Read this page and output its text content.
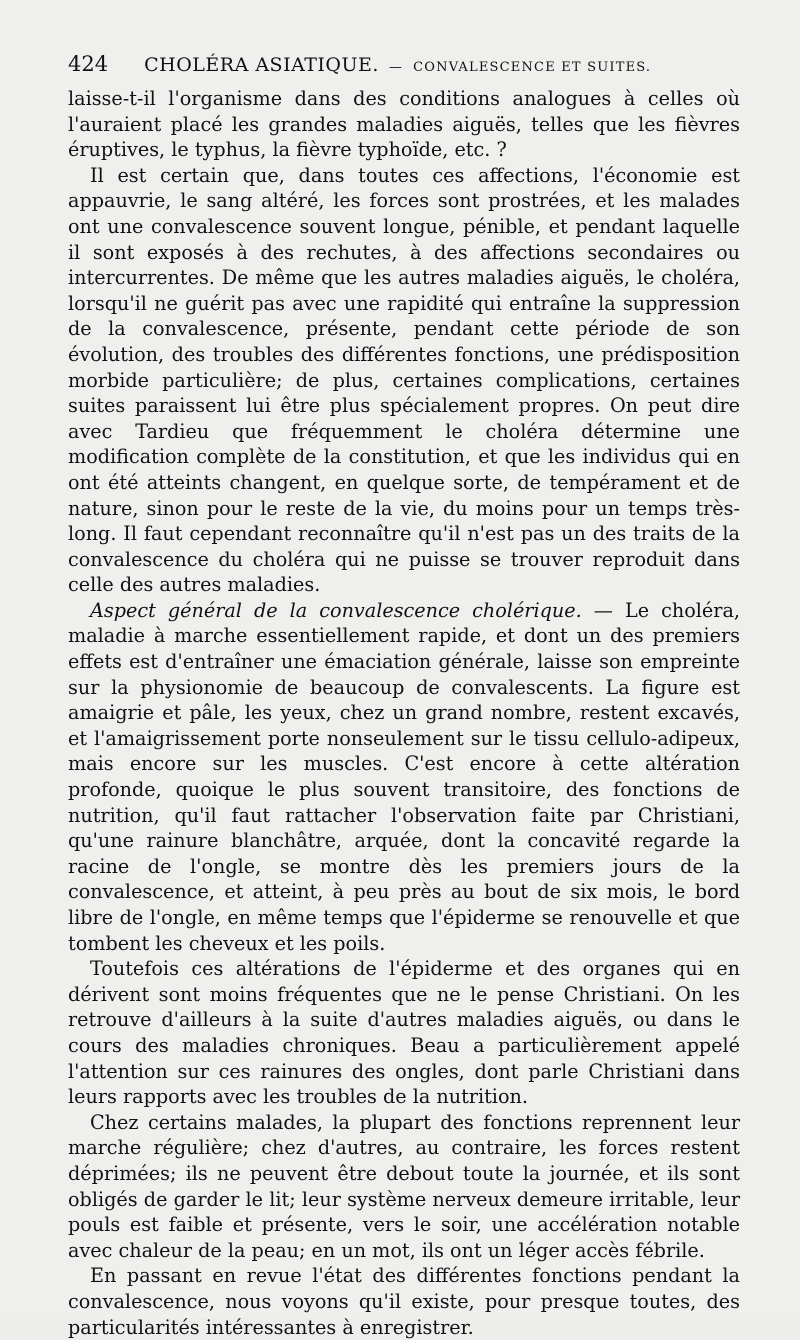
424 CHOLÉRA ASIATIQUE. — CONVALESCENCE ET SUITES.

laisse-t-il l'organisme dans des conditions analogues à celles où l'auraient placé les grandes maladies aiguës, telles que les fièvres éruptives, le typhus, la fièvre typhoïde, etc. ?

Il est certain que, dans toutes ces affections, l'économie est appauvrie, le sang altéré, les forces sont prostrées, et les malades ont une convalescence souvent longue, pénible, et pendant laquelle il sont exposés à des rechutes, à des affections secondaires ou intercurrentes. De même que les autres maladies aiguës, le choléra, lorsqu'il ne guérit pas avec une rapidité qui entraîne la suppression de la convalescence, présente, pendant cette période de son évolution, des troubles des différentes fonctions, une prédisposition morbide particulière; de plus, certaines complications, certaines suites paraissent lui être plus spécialement propres. On peut dire avec Tardieu que fréquemment le choléra détermine une modification complète de la constitution, et que les individus qui en ont été atteints changent, en quelque sorte, de tempérament et de nature, sinon pour le reste de la vie, du moins pour un temps très-long. Il faut cependant reconnaître qu'il n'est pas un des traits de la convalescence du choléra qui ne puisse se trouver reproduit dans celle des autres maladies.

Aspect général de la convalescence cholérique. — Le choléra, maladie à marche essentiellement rapide, et dont un des premiers effets est d'entraîner une émaciation générale, laisse son empreinte sur la physionomie de beaucoup de convalescents. La figure est amaigrie et pâle, les yeux, chez un grand nombre, restent excavés, et l'amaigrissement porte nonseulement sur le tissu cellulo-adipeux, mais encore sur les muscles. C'est encore à cette altération profonde, quoique le plus souvent transitoire, des fonctions de nutrition, qu'il faut rattacher l'observation faite par Christiani, qu'une rainure blanchâtre, arquée, dont la concavité regarde la racine de l'ongle, se montre dès les premiers jours de la convalescence, et atteint, à peu près au bout de six mois, le bord libre de l'ongle, en même temps que l'épiderme se renouvelle et que tombent les cheveux et les poils.

Toutefois ces altérations de l'épiderme et des organes qui en dérivent sont moins fréquentes que ne le pense Christiani. On les retrouve d'ailleurs à la suite d'autres maladies aiguës, ou dans le cours des maladies chroniques. Beau a particulièrement appelé l'attention sur ces rainures des ongles, dont parle Christiani dans leurs rapports avec les troubles de la nutrition.

Chez certains malades, la plupart des fonctions reprennent leur marche régulière; chez d'autres, au contraire, les forces restent déprimées; ils ne peuvent être debout toute la journée, et ils sont obligés de garder le lit; leur système nerveux demeure irritable, leur pouls est faible et présente, vers le soir, une accélération notable avec chaleur de la peau; en un mot, ils ont un léger accès fébrile.

En passant en revue l'état des différentes fonctions pendant la convalescence, nous voyons qu'il existe, pour presque toutes, des particularités intéressantes à enregistrer.
